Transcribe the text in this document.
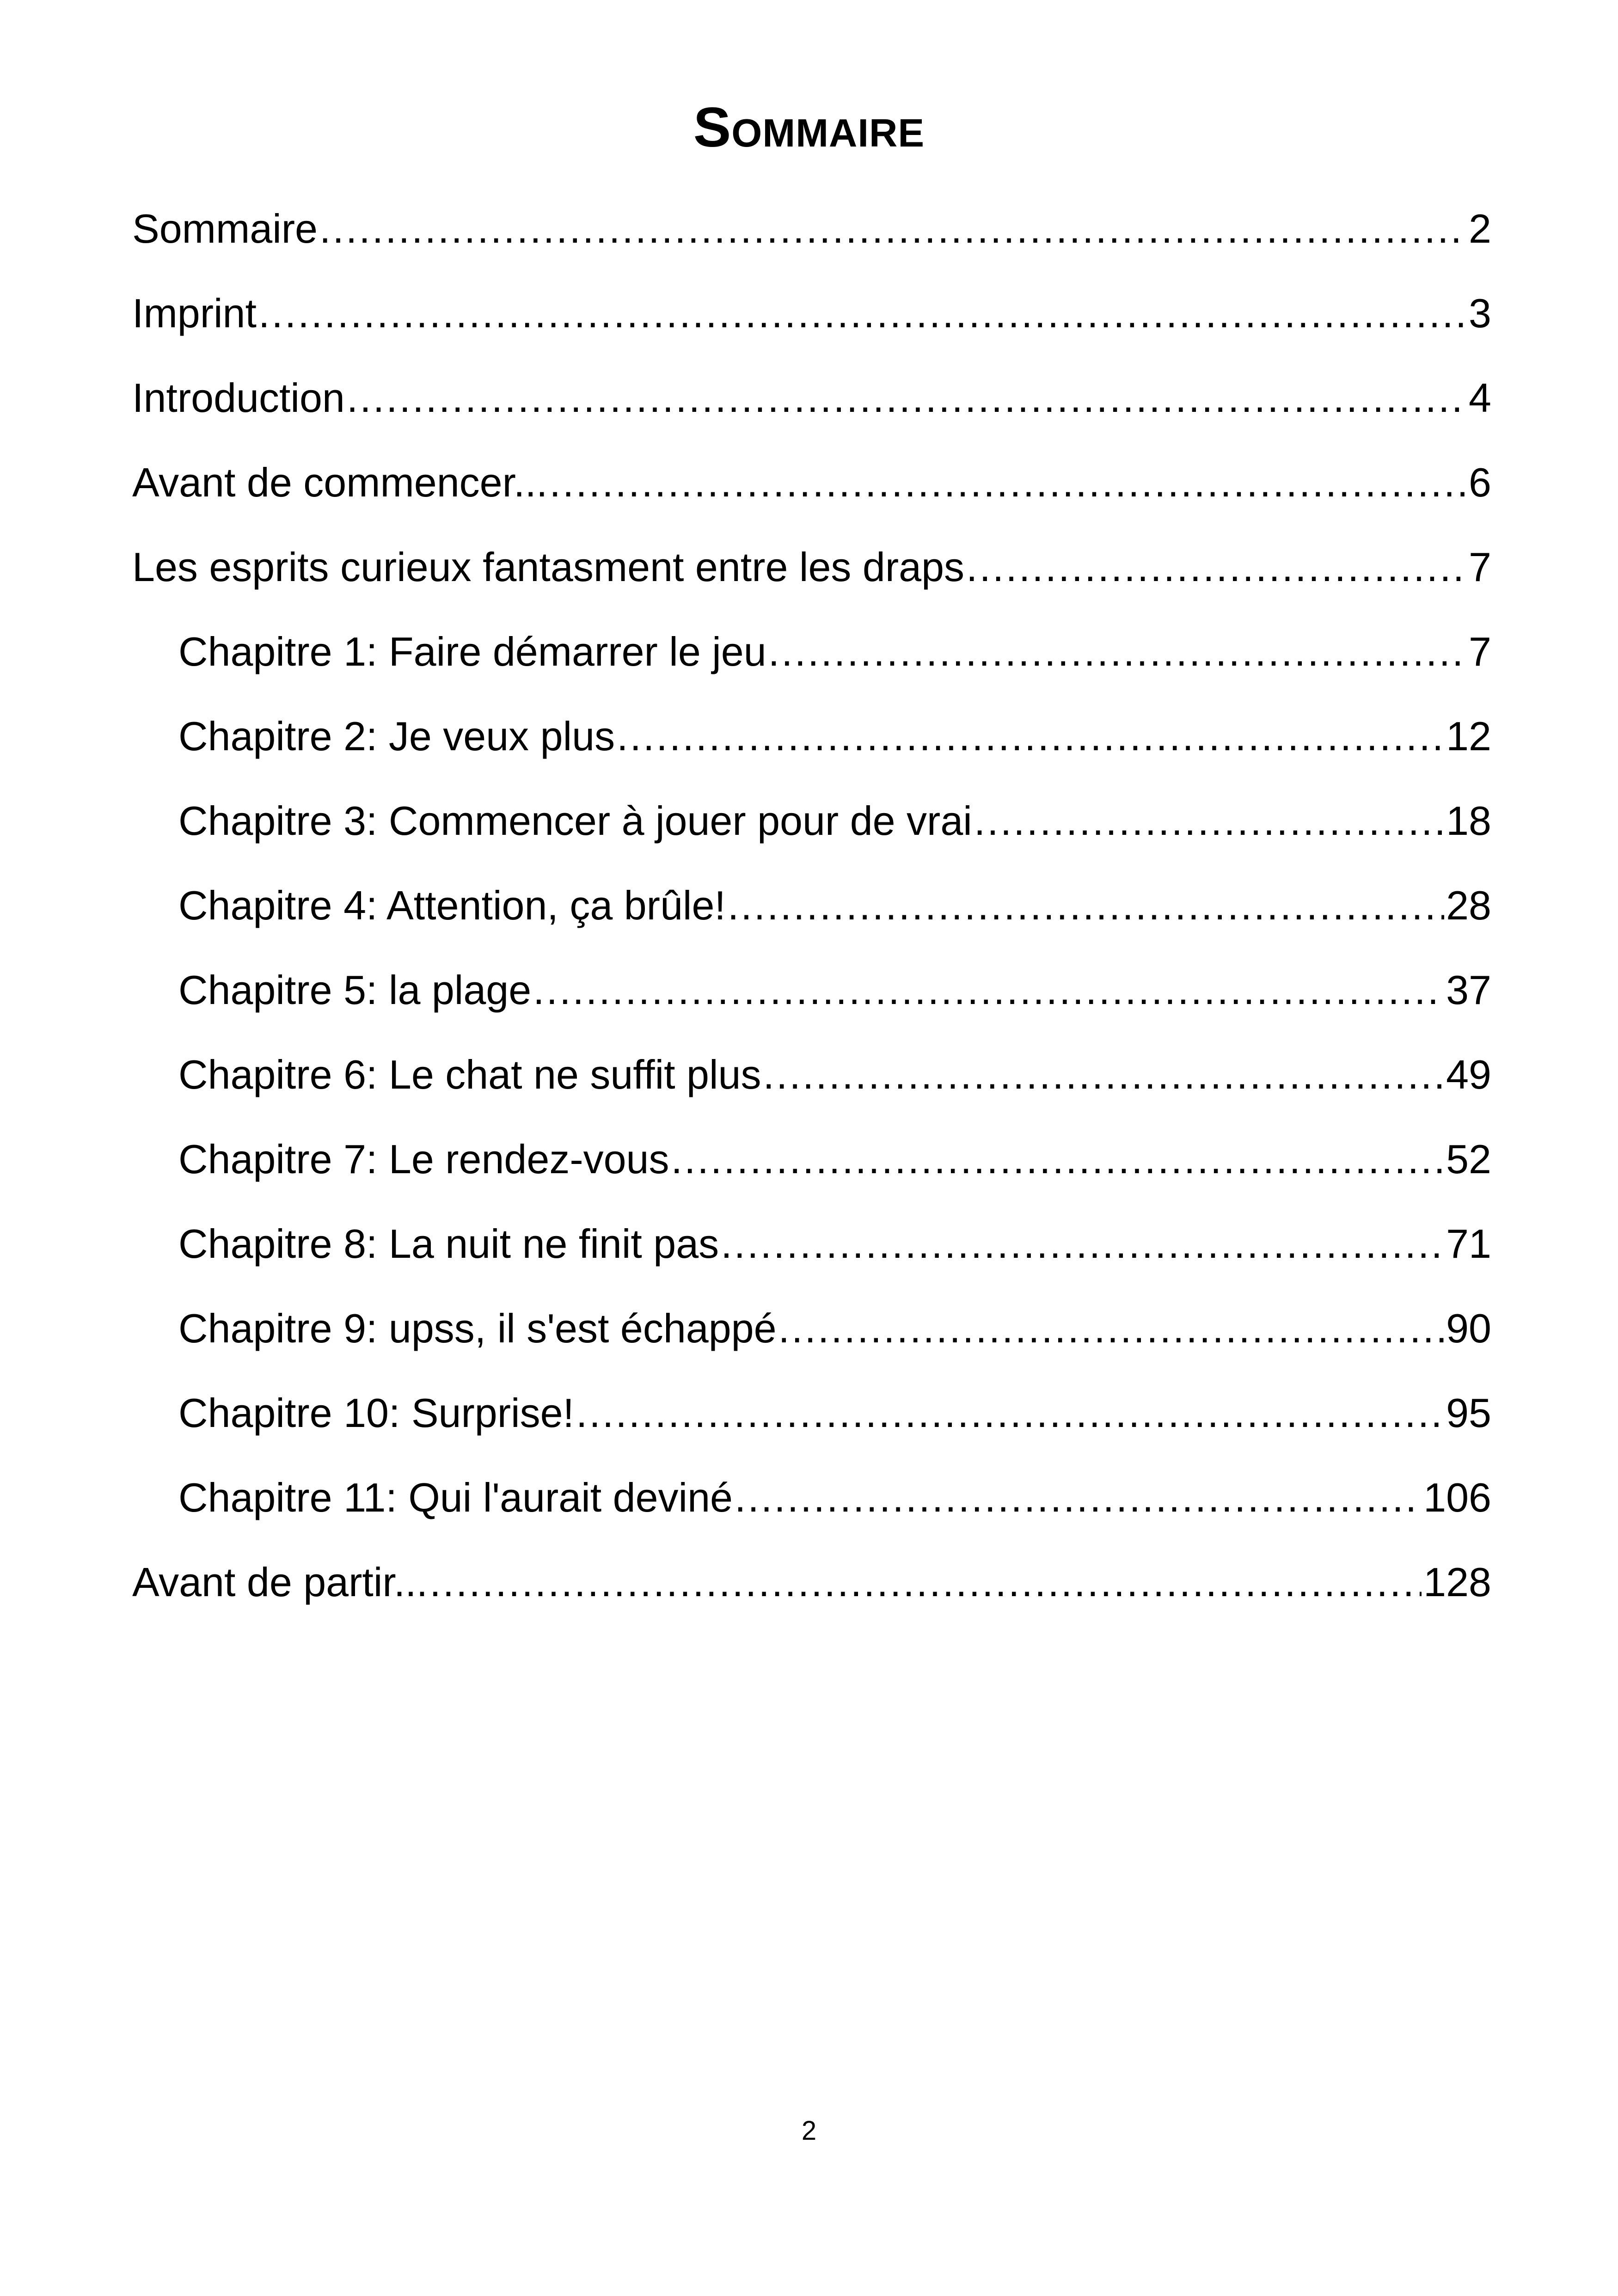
Sommaire
Sommaire .....	2
Imprint .....	3
Introduction .....	4
Avant de commencer... .....	6
Les esprits curieux fantasment entre les draps .....	7
Chapitre 1: Faire démarrer le jeu .....	7
Chapitre 2: Je veux plus .....	12
Chapitre 3: Commencer à jouer pour de vrai .....	18
Chapitre 4: Attention, ça brûle! .....	28
Chapitre 5: la plage .....	37
Chapitre 6: Le chat ne suffit plus .....	49
Chapitre 7: Le rendez-vous .....	52
Chapitre 8: La nuit ne finit pas .....	71
Chapitre 9: upss, il s'est échappé .....	90
Chapitre 10: Surprise! .....	95
Chapitre 11: Qui l'aurait deviné .....	106
Avant de partir... .....	128
2
